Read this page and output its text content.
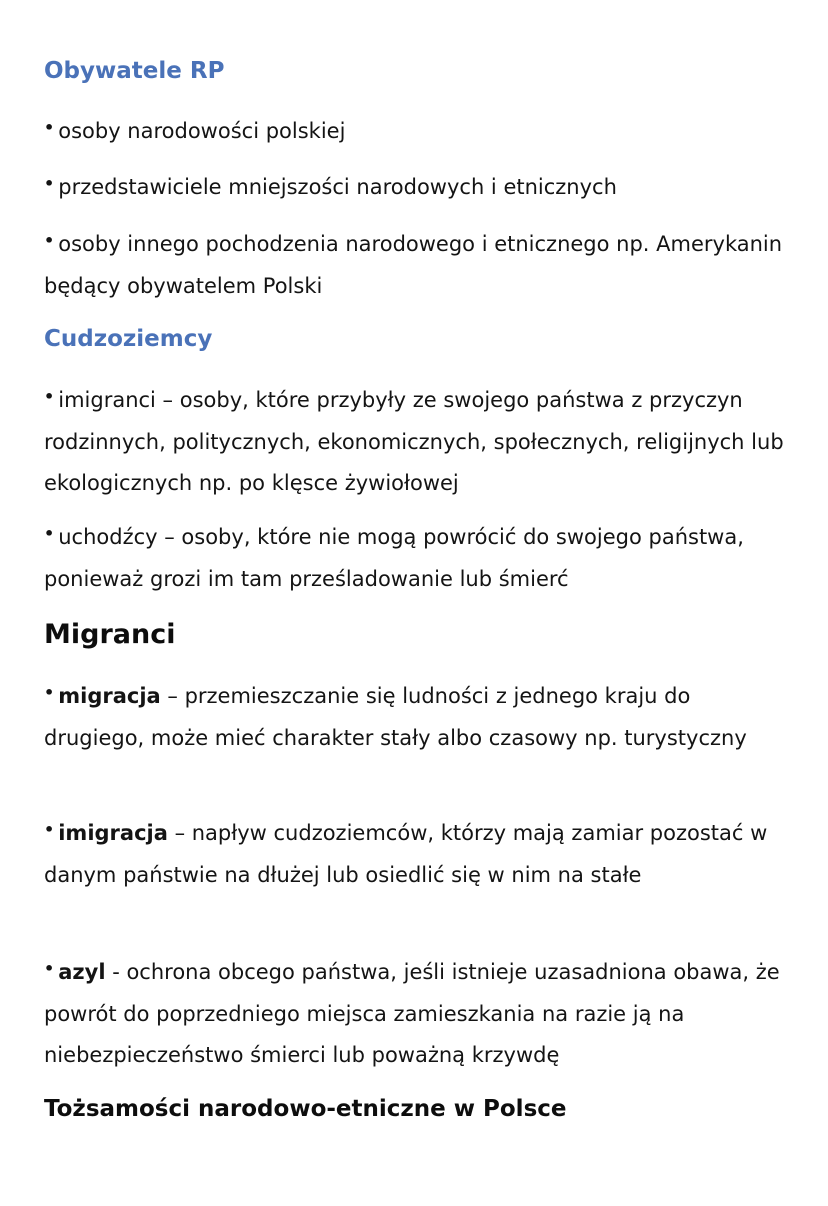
Obywatele RP

• osoby narodowości polskiej

• przedstawiciele mniejszości narodowych i etnicznych

• osoby innego pochodzenia narodowego i etnicznego np. Amerykanin będący obywatelem Polski

Cudzoziemcy

• imigranci – osoby, które przybyły ze swojego państwa z przyczyn rodzinnych, politycznych, ekonomicznych, społecznych, religijnych lub ekologicznych np. po klęsce żywiołowej

• uchodźcy – osoby, które nie mogą powrócić do swojego państwa, ponieważ grozi im tam prześladowanie lub śmierć

Migranci

• migracja – przemieszczanie się ludności z jednego kraju do drugiego, może mieć charakter stały albo czasowy np. turystyczny

• imigracja – napływ cudzoziemców, którzy mają zamiar pozostać w danym państwie na dłużej lub osiedlić się w nim na stałe

• azyl - ochrona obcego państwa, jeśli istnieje uzasadniona obawa, że powrót do poprzedniego miejsca zamieszkania na razie ją na niebezpieczeństwo śmierci lub poważną krzywdę

Tożsamości narodowo-etniczne w Polsce
